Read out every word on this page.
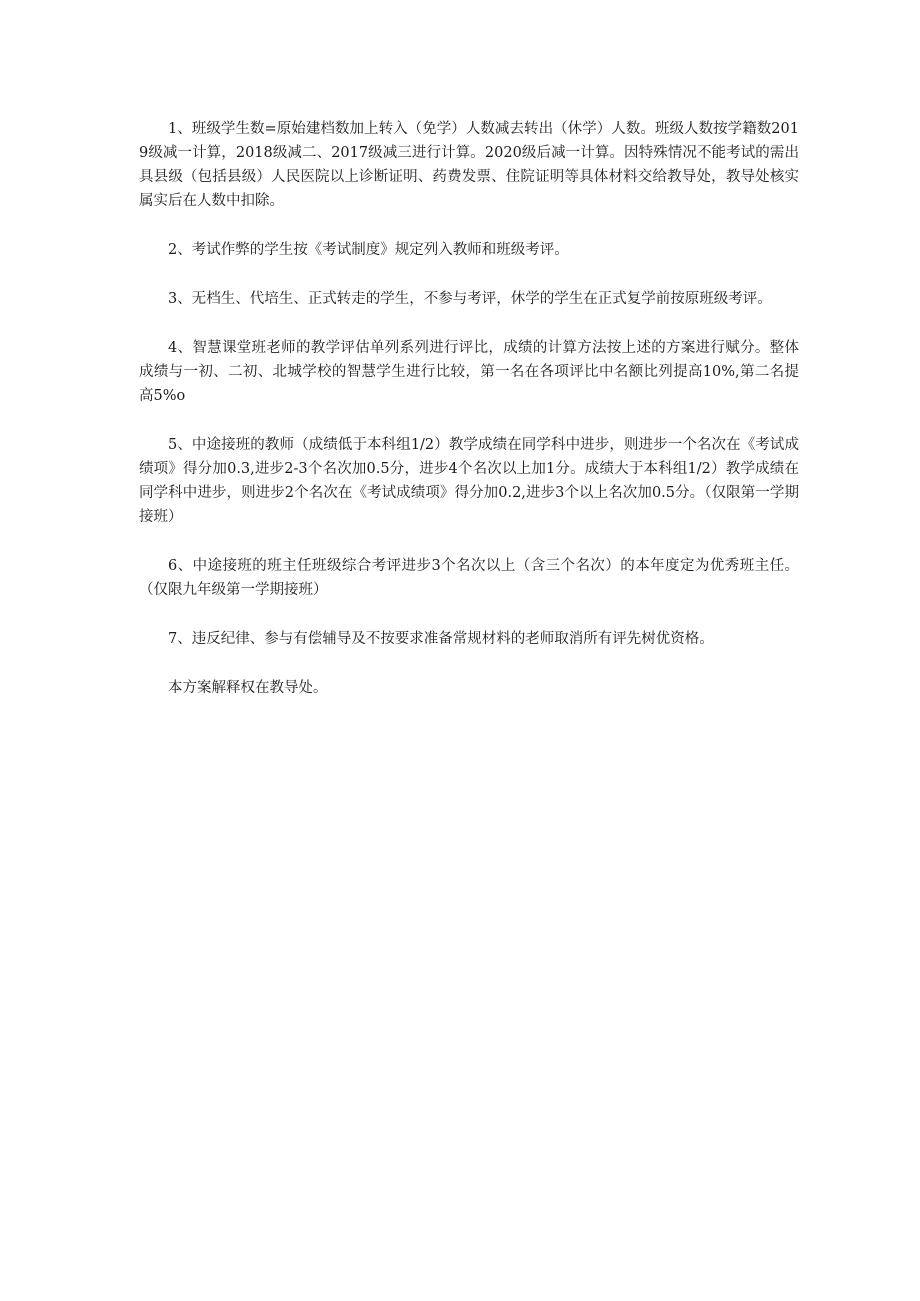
1、班级学生数=原始建档数加上转入（免学）人数减去转出（休学）人数。班级人数按学籍数2019级减一计算，2018级减二、2017级减三进行计算。2020级后减一计算。因特殊情况不能考试的需出具县级（包括县级）人民医院以上诊断证明、药费发票、住院证明等具体材料交给教导处，教导处核实属实后在人数中扣除。

2、考试作弊的学生按《考试制度》规定列入教师和班级考评。

3、无档生、代培生、正式转走的学生，不参与考评，休学的学生在正式复学前按原班级考评。

4、智慧课堂班老师的教学评估单列系列进行评比，成绩的计算方法按上述的方案进行赋分。整体成绩与一初、二初、北城学校的智慧学生进行比较，第一名在各项评比中名额比列提高10%,第二名提高5%o

5、中途接班的教师（成绩低于本科组1/2）教学成绩在同学科中进步，则进步一个名次在《考试成绩项》得分加0.3,进步2-3个名次加0.5分，进步4个名次以上加1分。成绩大于本科组1/2）教学成绩在同学科中进步，则进步2个名次在《考试成绩项》得分加0.2,进步3个以上名次加0.5分。（仅限第一学期接班）

6、中途接班的班主任班级综合考评进步3个名次以上（含三个名次）的本年度定为优秀班主任。（仅限九年级第一学期接班）

7、违反纪律、参与有偿辅导及不按要求准备常规材料的老师取消所有评先树优资格。

本方案解释权在教导处。
